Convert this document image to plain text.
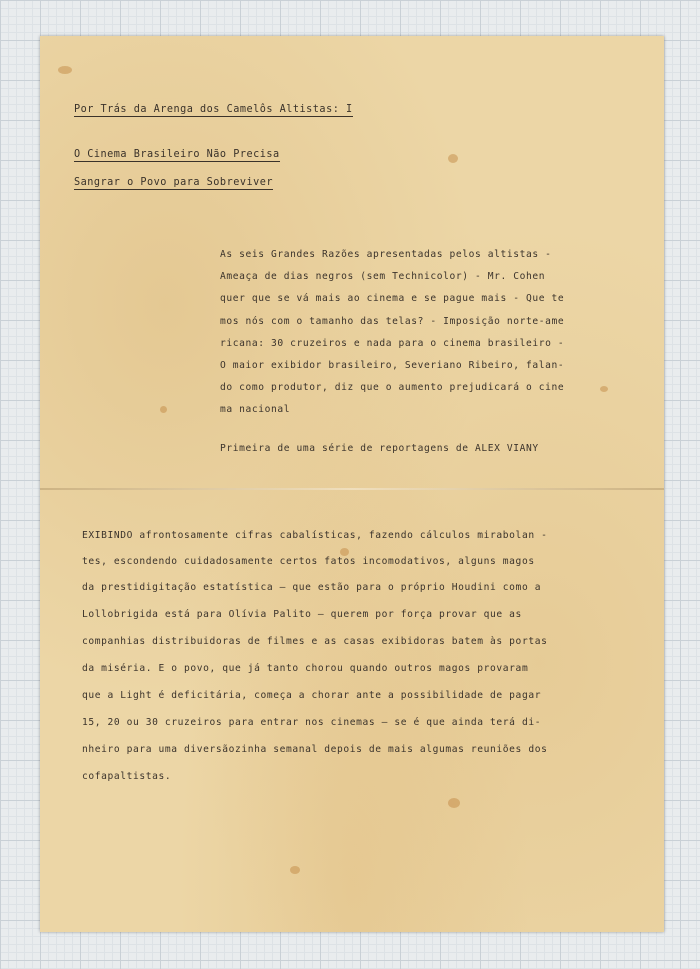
Por Trás da Arenga dos Camelôs Altistas: I
O Cinema Brasileiro Não Precisa
Sangrar o Povo para Sobreviver
As seis Grandes Razões apresentadas pelos altistas -
Ameaça de dias negros (sem Technicolor) - Mr. Cohen
quer que se vá mais ao cinema e se pague mais - Que te
mos nós com o tamanho das telas? - Imposição norte-ame
ricana: 30 cruzeiros e nada para o cinema brasileiro -
O maior exibidor brasileiro, Severiano Ribeiro, falan-
do como produtor, diz que o aumento prejudicará o cine
ma nacional
Primeira de uma série de reportagens de ALEX VIANY
EXIBINDO afrontosamente cifras cabalísticas, fazendo cálculos mirabolan -
tes, escondendo cuidadosamente certos fatos incomodativos, alguns magos
da prestidigitação estatística — que estão para o próprio Houdini como a
Lollobrigida está para Olívia Palito — querem por força provar que as
companhias distribuidoras de filmes e as casas exibidoras batem às portas
da miséria. E o povo, que já tanto chorou quando outros magos provaram
que a Light é deficitária, começa a chorar ante a possibilidade de pagar
15, 20 ou 30 cruzeiros para entrar nos cinemas — se é que ainda terá di-
nheiro para uma diversãozinha semanal depois de mais algumas reuniões dos
cofapaltistas.
